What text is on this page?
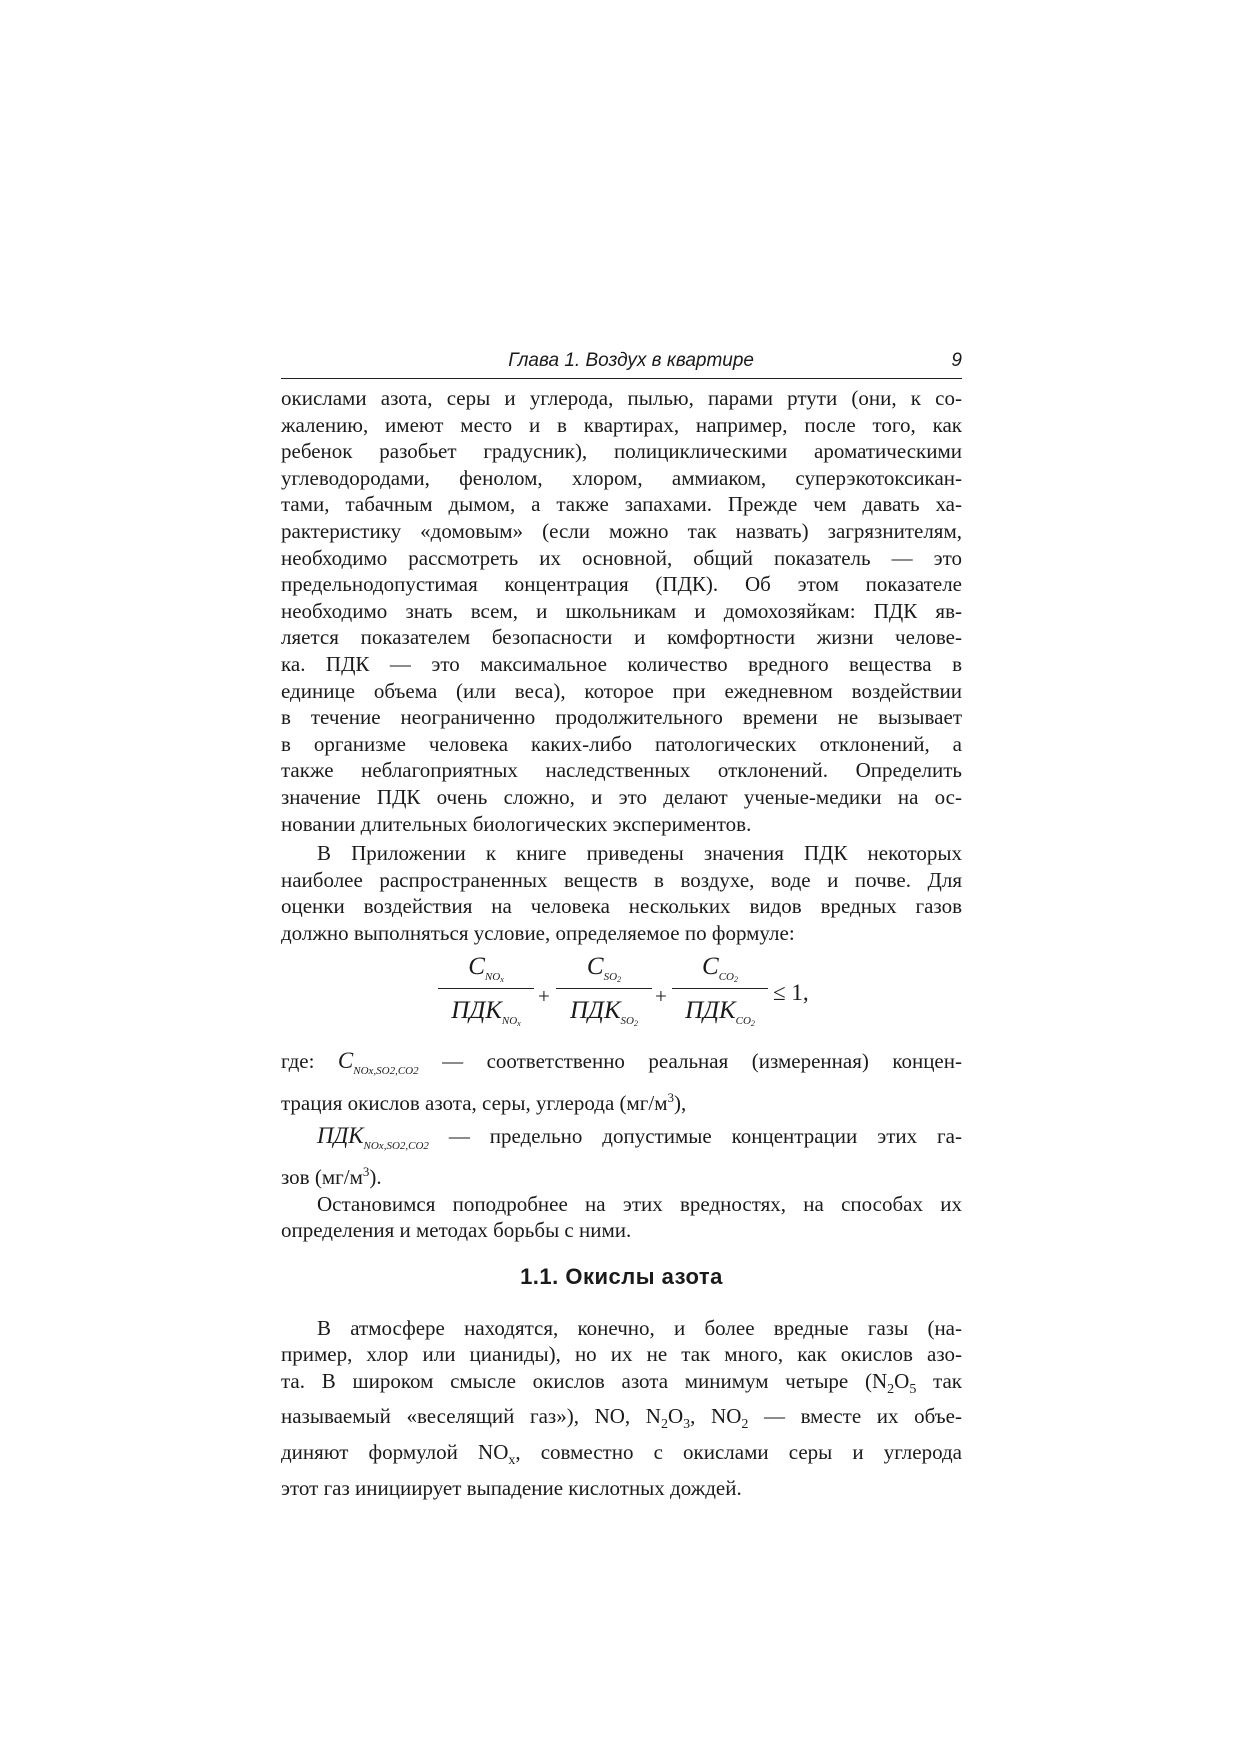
Глава 1. Воздух в квартире	9

окислами азота, серы и углерода, пылью, парами ртути (они, к со-
жалению, имеют место и в квартирах, например, после того, как
ребенок разобьет градусник), полициклическими ароматическими
углеводородами, фенолом, хлором, аммиаком, суперэкотоксикан-
тами, табачным дымом, а также запахами. Прежде чем давать ха-
рактеристику «домовым» (если можно так назвать) загрязнителям,
необходимо рассмотреть их основной, общий показатель — это
предельнодопустимая концентрация (ПДК). Об этом показателе
необходимо знать всем, и школьникам и домохозяйкам: ПДК яв-
ляется показателем безопасности и комфортности жизни челове-
ка. ПДК — это максимальное количество вредного вещества в
единице объема (или веса), которое при ежедневном воздействии
в течение неограниченно продолжительного времени не вызывает
в организме человека каких-либо патологических отклонений, а
также неблагоприятных наследственных отклонений. Определить
значение ПДК очень сложно, и это делают ученые-медики на ос-
новании длительных биологических экспериментов.

В Приложении к книге приведены значения ПДК некоторых
наиболее распространенных веществ в воздухе, воде и почве. Для
оценки воздействия на человека нескольких видов вредных газов
должно выполняться условие, определяемое по формуле:

$C_{NOx}$
$ПДК_{NOx}$
+
$C_{SO2}$
$ПДК_{SO2}$
+
$C_{CO2}$
$ПДК_{CO2}$
≤ 1,

где: $C_{NOx,SO2,CO2}$ — соответственно реальная (измеренная) концен-
трация окислов азота, серы, углерода $(мг/м^3)$,
$ПДК_{NOx,SO2,CO2}$ — предельно допустимые концентрации этих га-
зов $(мг/м^3)$.

Остановимся поподробнее на этих вредностях, на способах их
определения и методах борьбы с ними.

1.1. Окислы азота

В атмосфере находятся, конечно, и более вредные газы (на-
пример, хлор или цианиды), но их не так много, как окислов азо-
та. В широком смысле окислов азота минимум четыре ($N_2O_5$ так
называемый «веселящий газ»), NO, $N_2O_3$, $NO_2$ — вместе их объе-
диняют формулой $NO_x$, совместно с окислами серы и углерода
этот газ инициирует выпадение кислотных дождей.
